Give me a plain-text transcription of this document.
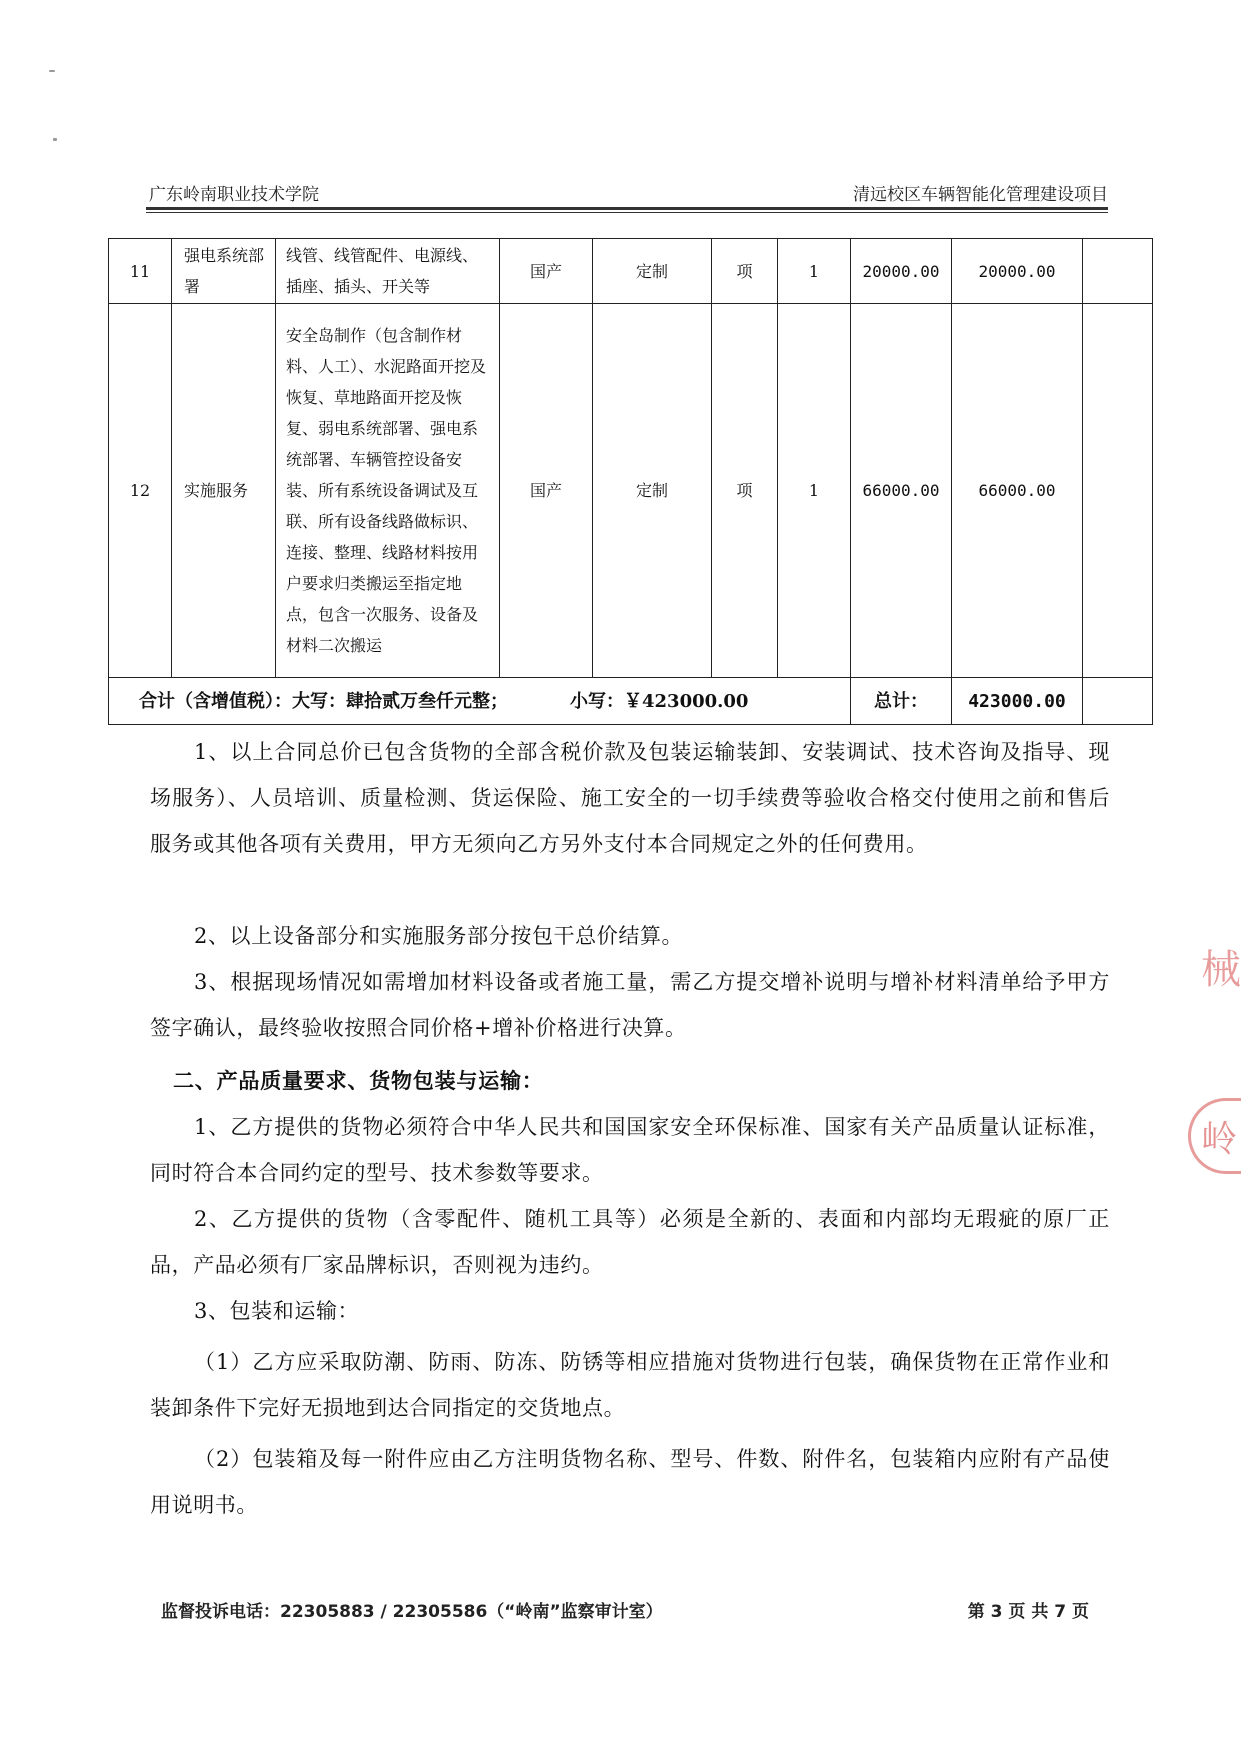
广东岭南职业技术学院	清远校区车辆智能化管理建设项目
11	强电系统部署	线管、线管配件、电源线、插座、插头、开关等	国产	定制	项	1	20000.00	20000.00	
12	实施服务	安全岛制作（包含制作材料、人工）、水泥路面开挖及恢复、草地路面开挖及恢复、弱电系统部署、强电系统部署、车辆管控设备安装、所有系统设备调试及互联、所有设备线路做标识、连接、整理、线路材料按用户要求归类搬运至指定地点，包含一次服务、设备及材料二次搬运	国产	定制	项	1	66000.00	66000.00	
合计（含增值税）：大写：肆拾贰万叁仟元整； 小写：￥423000.00							总计：	423000.00	

1、以上合同总价已包含货物的全部含税价款及包装运输装卸、安装调试、技术咨询及指导、现场服务）、人员培训、质量检测、货运保险、施工安全的一切手续费等验收合格交付使用之前和售后服务或其他各项有关费用，甲方无须向乙方另外支付本合同规定之外的任何费用。

2、以上设备部分和实施服务部分按包干总价结算。

3、根据现场情况如需增加材料设备或者施工量，需乙方提交增补说明与增补材料清单给予甲方签字确认，最终验收按照合同价格+增补价格进行决算。

二、产品质量要求、货物包装与运输：

1、乙方提供的货物必须符合中华人民共和国国家安全环保标准、国家有关产品质量认证标准，同时符合本合同约定的型号、技术参数等要求。

2、乙方提供的货物（含零配件、随机工具等）必须是全新的、表面和内部均无瑕疵的原厂正品，产品必须有厂家品牌标识，否则视为违约。

3、包装和运输：

（1）乙方应采取防潮、防雨、防冻、防锈等相应措施对货物进行包装，确保货物在正常作业和装卸条件下完好无损地到达合同指定的交货地点。

（2）包装箱及每一附件应由乙方注明货物名称、型号、件数、附件名，包装箱内应附有产品使用说明书。

械
岭
监督投诉电话：22305883 / 22305586（“岭南”监察审计室）	第 3 页 共 7 页
